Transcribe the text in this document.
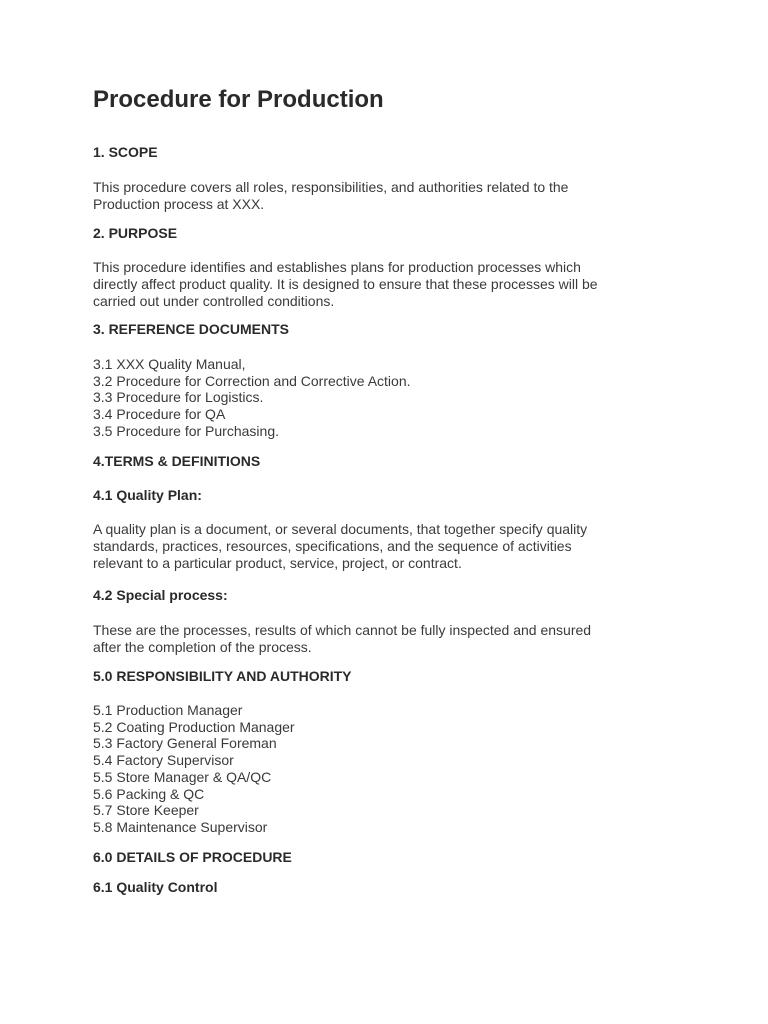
Procedure for Production
1. SCOPE
This procedure covers all roles, responsibilities, and authorities related to the
Production process at XXX.
2. PURPOSE
This procedure identifies and establishes plans for production processes which
directly affect product quality. It is designed to ensure that these processes will be
carried out under controlled conditions.
3. REFERENCE DOCUMENTS
3.1 XXX Quality Manual,
3.2 Procedure for Correction and Corrective Action.
3.3 Procedure for Logistics.
3.4 Procedure for QA
3.5 Procedure for Purchasing.
4.TERMS & DEFINITIONS
4.1 Quality Plan:
A quality plan is a document, or several documents, that together specify quality
standards, practices, resources, specifications, and the sequence of activities
relevant to a particular product, service, project, or contract.
4.2 Special process:
These are the processes, results of which cannot be fully inspected and ensured
after the completion of the process.
5.0 RESPONSIBILITY AND AUTHORITY
5.1 Production Manager
5.2 Coating Production Manager
5.3 Factory General Foreman
5.4 Factory Supervisor
5.5 Store Manager & QA/QC
5.6 Packing & QC
5.7 Store Keeper
5.8 Maintenance Supervisor
6.0 DETAILS OF PROCEDURE
6.1 Quality Control
